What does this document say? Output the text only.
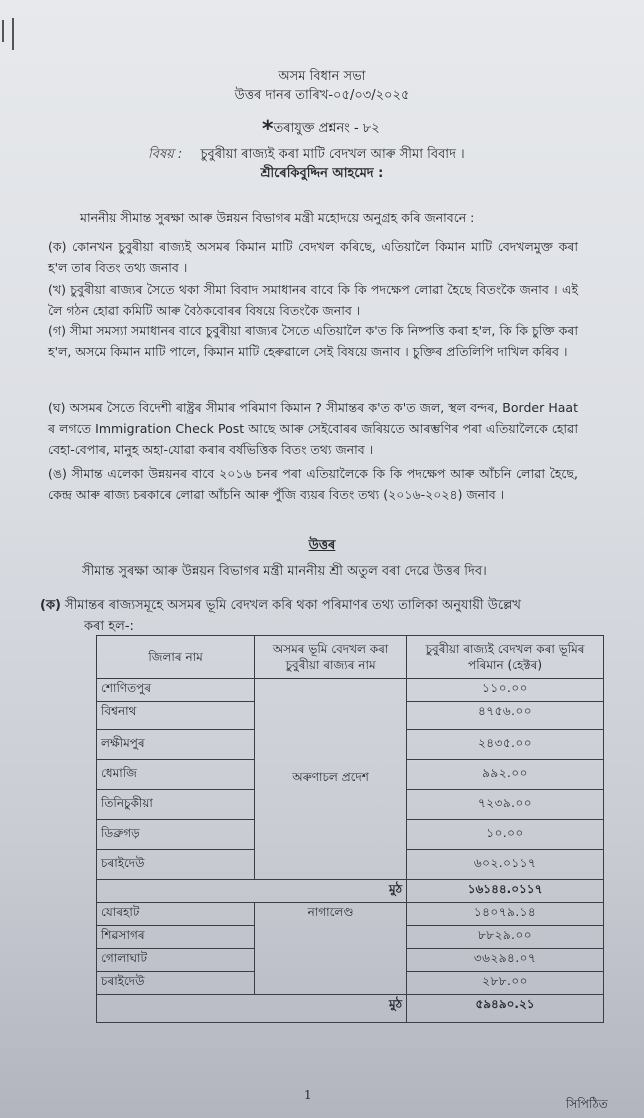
অসম বিধান সভা
উত্তৰ দানৰ তাৰিখ-০৫/০৩/২০২৫
*তৰাযুক্ত প্ৰশ্ননং - ৮২
বিষয় : চুবুৰীয়া ৰাজ্যই কৰা মাটি বেদখল আৰু সীমা বিবাদ ।
শ্ৰীৰেকিবুদ্দিন আহমেদ :
মাননীয় সীমান্ত সুৰক্ষা আৰু উন্নয়ন বিভাগৰ মন্ত্ৰী মহোদয়ে অনুগ্ৰহ কৰি জনাবনে :
(ক) কোনখন চুবুৰীয়া ৰাজ্যই অসমৰ কিমান মাটি বেদখল কৰিছে, এতিয়ালৈ কিমান মাটি বেদখলমুক্ত কৰা হ'ল তাৰ বিতং তথ্য জনাব ।
(খ) চুবুৰীয়া ৰাজ্যৰ সৈতে থকা সীমা বিবাদ সমাধানৰ বাবে কি কি পদক্ষেপ লোৱা হৈছে বিতংকৈ জনাব । এই লৈ গঠন হোৱা কমিটি আৰু বৈঠকবোৰৰ বিষয়ে বিতংকৈ জনাব ।
(গ) সীমা সমস্যা সমাধানৰ বাবে চুবুৰীয়া ৰাজ্যৰ সৈতে এতিয়ালৈ ক'ত কি নিষ্পত্তি কৰা হ'ল, কি কি চুক্তি কৰা হ'ল, অসমে কিমান মাটি পালে, কিমান মাটি হেৰুৱালে সেই বিষয়ে জনাব । চুক্তিৰ প্ৰতিলিপি দাখিল কৰিব ।
(ঘ) অসমৰ সৈতে বিদেশী ৰাষ্ট্ৰৰ সীমাৰ পৰিমাণ কিমান ? সীমান্তৰ ক'ত ক'ত জল, স্থল বন্দৰ, Border Haat ৰ লগতে Immigration Check Post আছে আৰু সেইবোৰৰ জৰিয়তে আৰম্ভণিৰ পৰা এতিয়ালৈকে হোৱা বেহা-বেপাৰ, মানুহ অহা-যোৱা কৰাৰ বৰ্ষভিত্তিক বিতং তথ্য জনাব ।
(ঙ) সীমান্ত এলেকা উন্নয়নৰ বাবে ২০১৬ চনৰ পৰা এতিয়ালৈকে কি কি পদক্ষেপ আৰু আঁচনি লোৱা হৈছে, কেন্দ্ৰ আৰু ৰাজ্য চৰকাৰে লোৱা আঁচনি আৰু পুঁজি ব্যয়ৰ বিতং তথ্য (২০১৬-২০২৪) জনাব ।
উত্তৰ
সীমান্ত সুৰক্ষা আৰু উন্নয়ন বিভাগৰ মন্ত্ৰী মাননীয় শ্ৰী অতুল বৰা দেৱে উত্তৰ দিব।
(ক) সীমান্তৰ ৰাজ্যসমূহে অসমৰ ভূমি বেদখল কৰি থকা পৰিমাণৰ তথ্য তালিকা অনুযায়ী উল্লেখ
কৰা হল-:
জিলাৰ নাম	অসমৰ ভূমি বেদখল কৰা চুবুৰীয়া ৰাজ্যৰ নাম	চুবুৰীয়া ৰাজ্যই বেদখল কৰা ভূমিৰ পৰিমান (হেক্টৰ)
শোণিতপুৰ	অৰুণাচল প্ৰদেশ	১১০.০০
বিশ্বনাথ		৪৭৫৬.০০
লক্ষীমপুৰ		২৪৩৫.০০
ধেমাজি		৯৯২.০০
তিনিচুকীয়া		৭২৩৯.০০
ডিব্ৰুগড়		১০.০০
চৰাইদেউ		৬০২.০১১৭
মুঠ		১৬১৪৪.০১১৭
যোৰহাট	নাগালেণ্ড	১৪০৭৯.১৪
শিৱসাগৰ		৮৮২৯.০০
গোলাঘাট		৩৬২৯৪.০৭
চৰাইদেউ		২৮৮.০০
মুঠ		৫৯৪৯০.২১
1
সিপিঠিত
